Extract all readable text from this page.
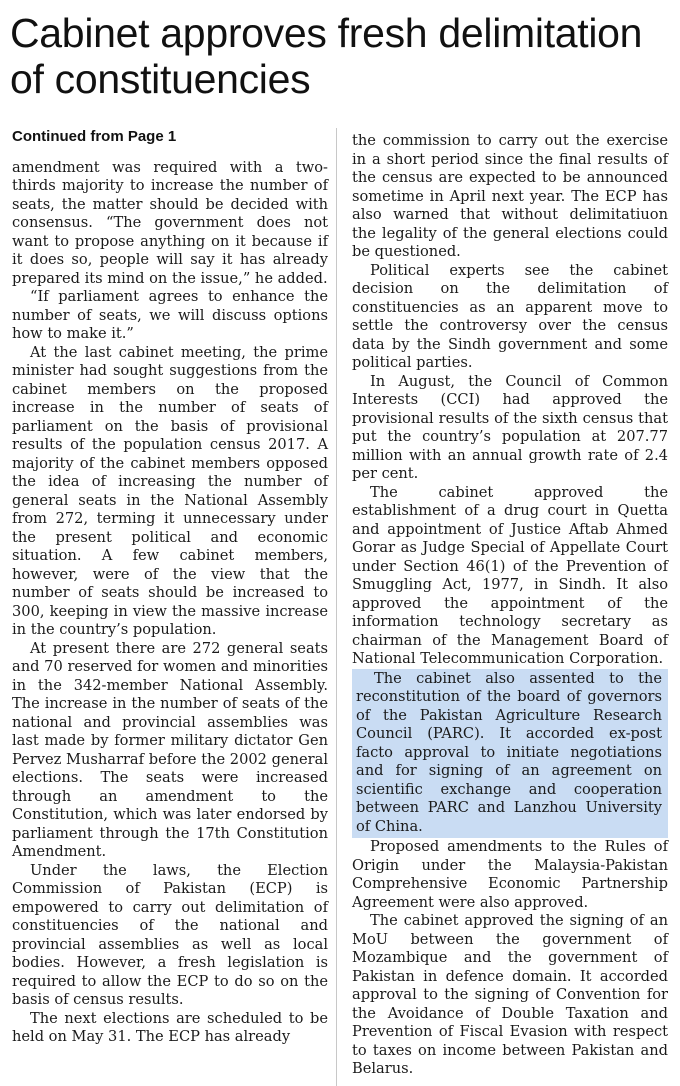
Cabinet approves fresh delimitation of constituencies
Continued from Page 1

amendment was required with a two-thirds majority to increase the number of seats, the matter should be decided with consensus. “The government does not want to propose anything on it because if it does so, people will say it has already prepared its mind on the issue,” he added.

“If parliament agrees to enhance the number of seats, we will discuss options how to make it.”

At the last cabinet meeting, the prime minister had sought suggestions from the cabinet members on the proposed increase in the number of seats of parliament on the basis of provisional results of the population census 2017. A majority of the cabinet members opposed the idea of increasing the number of general seats in the National Assembly from 272, terming it unnecessary under the present political and economic situation. A few cabinet members, however, were of the view that the number of seats should be increased to 300, keeping in view the massive increase in the country’s population.

At present there are 272 general seats and 70 reserved for women and minorities in the 342-member National Assembly. The increase in the number of seats of the national and provincial assemblies was last made by former military dictator Gen Pervez Musharraf before the 2002 general elections. The seats were increased through an amendment to the Constitution, which was later endorsed by parliament through the 17th Constitution Amendment.

Under the laws, the Election Commission of Pakistan (ECP) is empowered to carry out delimitation of constituencies of the national and provincial assemblies as well as local bodies. However, a fresh legislation is required to allow the ECP to do so on the basis of census results.

The next elections are scheduled to be held on May 31. The ECP has already

the commission to carry out the exercise in a short period since the final results of the census are expected to be announced sometime in April next year. The ECP has also warned that without delimitatiuon the legality of the general elections could be questioned.

Political experts see the cabinet decision on the delimitation of constituencies as an apparent move to settle the controversy over the census data by the Sindh government and some political parties.

In August, the Council of Common Interests (CCI) had approved the provisional results of the sixth census that put the country’s population at 207.77 million with an annual growth rate of 2.4 per cent.

The cabinet approved the establishment of a drug court in Quetta and appointment of Justice Aftab Ahmed Gorar as Judge Special of Appellate Court under Section 46(1) of the Prevention of Smuggling Act, 1977, in Sindh. It also approved the appointment of the information technology secretary as chairman of the Management Board of National Telecommunication Corporation.

The cabinet also assented to the reconstitution of the board of governors of the Pakistan Agriculture Research Council (PARC). It accorded ex-post facto approval to initiate negotiations and for signing of an agreement on scientific exchange and cooperation between PARC and Lanzhou University of China.

Proposed amendments to the Rules of Origin under the Malaysia-Pakistan Comprehensive Economic Partnership Agreement were also approved.

The cabinet approved the signing of an MoU between the government of Mozambique and the government of Pakistan in defence domain. It accorded approval to the signing of Convention for the Avoidance of Double Taxation and Prevention of Fiscal Evasion with respect to taxes on income between Pakistan and Belarus.
